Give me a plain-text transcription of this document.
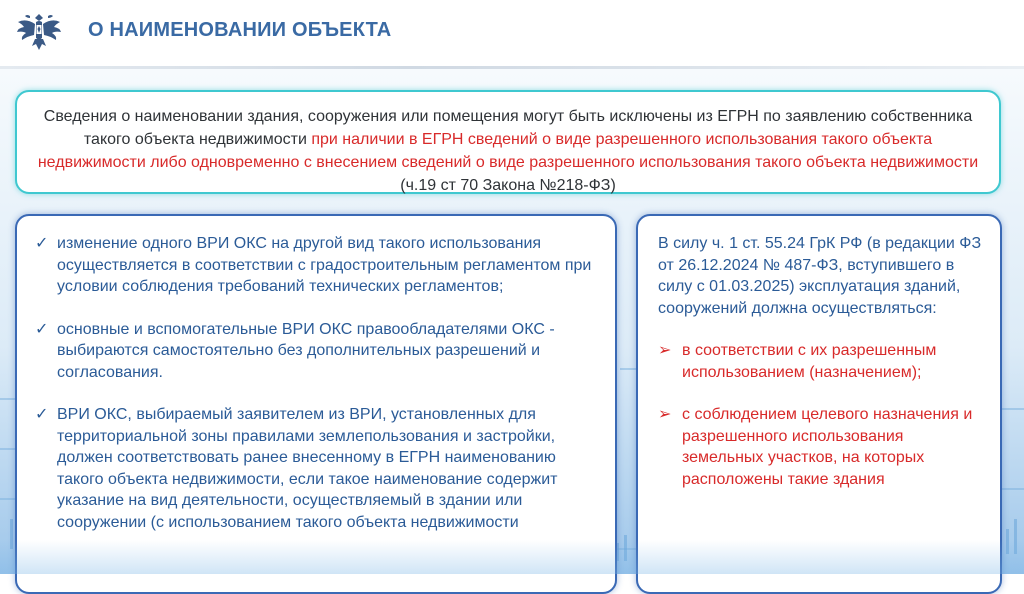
О НАИМЕНОВАНИИ ОБЪЕКТА
Сведения о наименовании здания, сооружения или помещения могут быть исключены из ЕГРН по заявлению собственника такого объекта недвижимости при наличии в ЕГРН сведений о виде разрешенного использования такого объекта недвижимости либо одновременно с внесением сведений о виде разрешенного использования такого объекта недвижимости (ч.19 ст 70 Закона №218-ФЗ)
✓ изменение одного ВРИ ОКС на другой вид такого использования осуществляется в соответствии с градостроительным регламентом при условии соблюдения требований технических регламентов;
✓ основные и вспомогательные ВРИ ОКС правообладателями ОКС - выбираются самостоятельно без дополнительных разрешений и согласования.
✓ ВРИ ОКС, выбираемый заявителем из ВРИ, установленных для территориальной зоны правилами землепользования и застройки, должен соответствовать ранее внесенному в ЕГРН наименованию такого объекта недвижимости, если такое наименование содержит указание на вид деятельности, осуществляемый в здании или сооружении (с использованием такого объекта недвижимости
В силу ч. 1 ст. 55.24 ГрК РФ (в редакции ФЗ от 26.12.2024 № 487-ФЗ, вступившего в силу с 01.03.2025) эксплуатация зданий, сооружений должна осуществляться:
➢ в соответствии с их разрешенным использованием (назначением);
➢ с соблюдением целевого назначения и разрешенного использования земельных участков, на которых расположены такие здания
